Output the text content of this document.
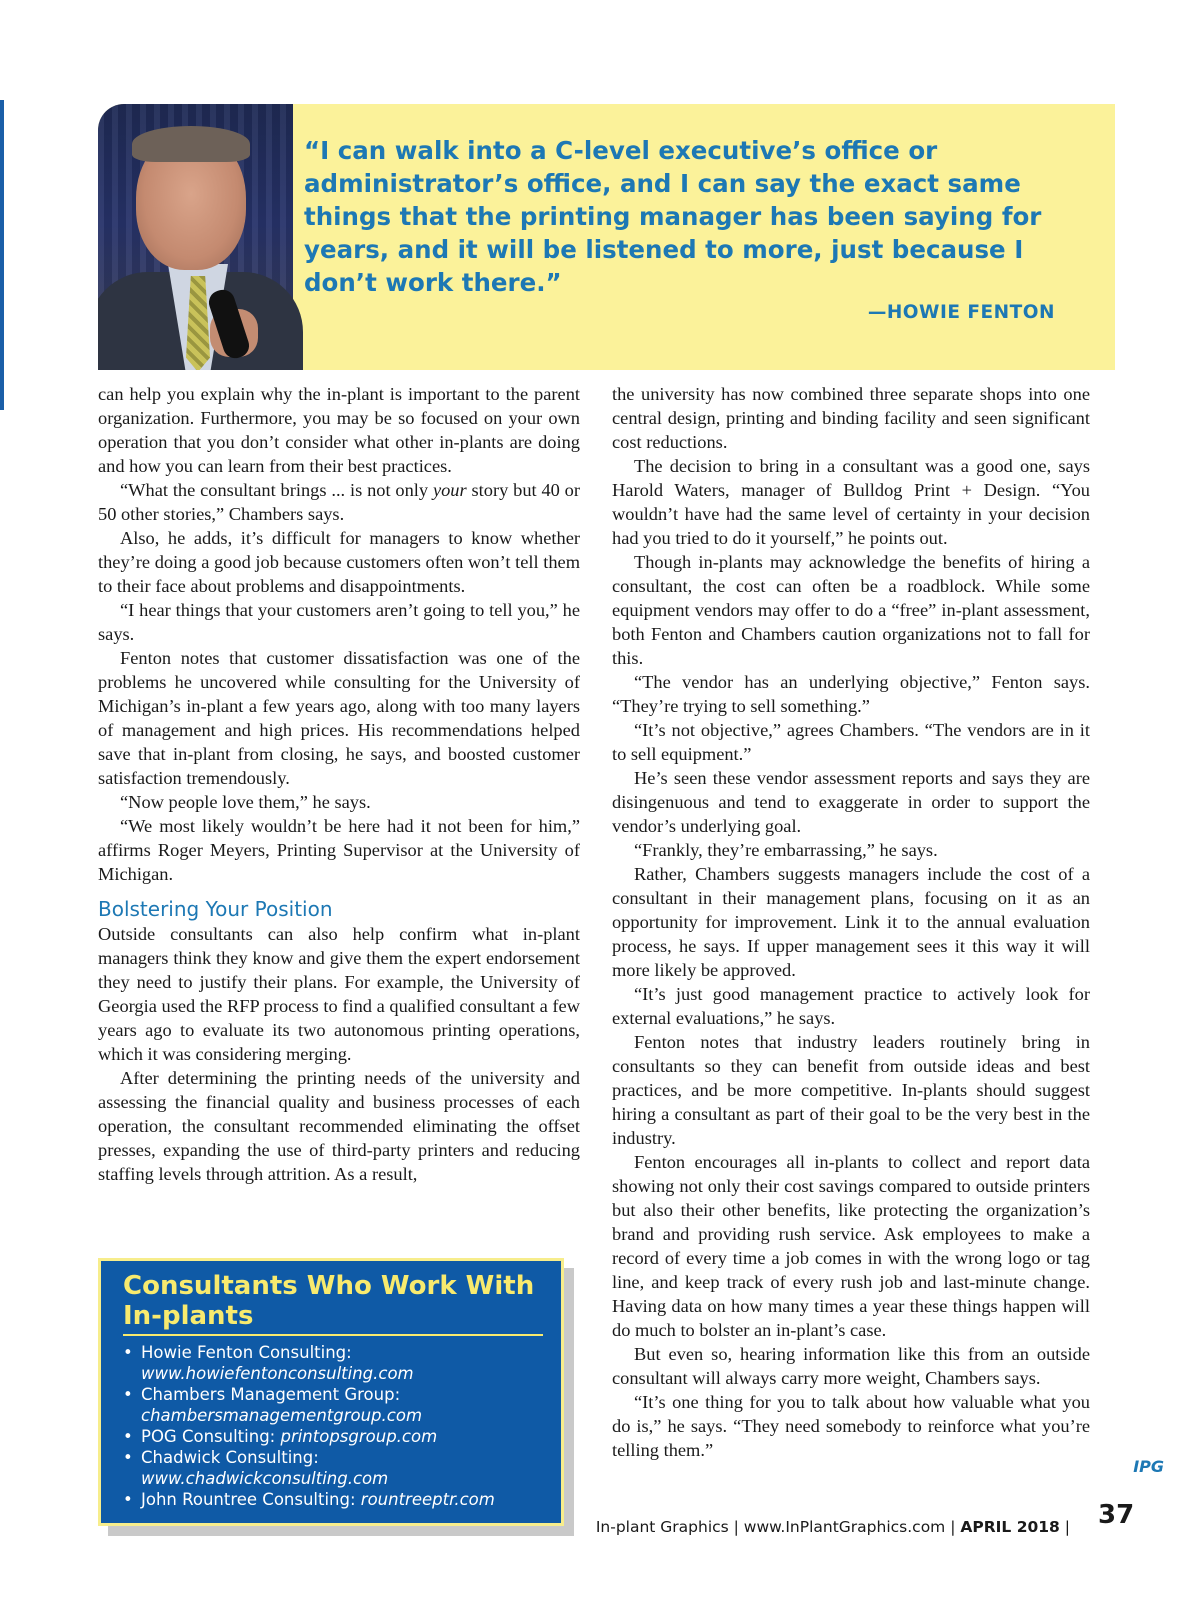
“I can walk into a C-level executive’s office or administrator’s office, and I can say the exact same things that the printing manager has been saying for years, and it will be listened to more, just because I don’t work there.”

—HOWIE FENTON

can help you explain why the in-plant is important to the parent organization. Furthermore, you may be so focused on your own operation that you don’t consider what other in-plants are doing and how you can learn from their best practices.

“What the consultant brings ... is not only your story but 40 or 50 other stories,” Chambers says.

Also, he adds, it’s difficult for managers to know whether they’re doing a good job because customers often won’t tell them to their face about problems and disappointments.

“I hear things that your customers aren’t going to tell you,” he says.

Fenton notes that customer dissatisfaction was one of the problems he uncovered while consulting for the University of Michigan’s in-plant a few years ago, along with too many layers of management and high prices. His recommendations helped save that in-plant from closing, he says, and boosted customer satisfaction tremendously.

“Now people love them,” he says.

“We most likely wouldn’t be here had it not been for him,” affirms Roger Meyers, Printing Supervisor at the University of Michigan.

Bolstering Your Position

Outside consultants can also help confirm what in-plant managers think they know and give them the expert endorsement they need to justify their plans. For example, the University of Georgia used the RFP process to find a qualified consultant a few years ago to evaluate its two autonomous printing operations, which it was considering merging.

After determining the printing needs of the university and assessing the financial quality and business processes of each operation, the consultant recommended eliminating the offset presses, expanding the use of third-party printers and reducing staffing levels through attrition. As a result,

the university has now combined three separate shops into one central design, printing and binding facility and seen significant cost reductions.

The decision to bring in a consultant was a good one, says Harold Waters, manager of Bulldog Print + Design. “You wouldn’t have had the same level of certainty in your decision had you tried to do it yourself,” he points out.

Though in-plants may acknowledge the benefits of hiring a consultant, the cost can often be a roadblock. While some equipment vendors may offer to do a “free” in-plant assessment, both Fenton and Chambers caution organizations not to fall for this.

“The vendor has an underlying objective,” Fenton says. “They’re trying to sell something.”

“It’s not objective,” agrees Chambers. “The vendors are in it to sell equipment.”

He’s seen these vendor assessment reports and says they are disingenuous and tend to exaggerate in order to support the vendor’s underlying goal.

“Frankly, they’re embarrassing,” he says.

Rather, Chambers suggests managers include the cost of a consultant in their management plans, focusing on it as an opportunity for improvement. Link it to the annual evaluation process, he says. If upper management sees it this way it will more likely be approved.

“It’s just good management practice to actively look for external evaluations,” he says.

Fenton notes that industry leaders routinely bring in consultants so they can benefit from outside ideas and best practices, and be more competitive. In-plants should suggest hiring a consultant as part of their goal to be the very best in the industry.

Fenton encourages all in-plants to collect and report data showing not only their cost savings compared to outside printers but also their other benefits, like protecting the organization’s brand and providing rush service. Ask employees to make a record of every time a job comes in with the wrong logo or tag line, and keep track of every rush job and last-minute change. Having data on how many times a year these things happen will do much to bolster an in-plant’s case.

But even so, hearing information like this from an outside consultant will always carry more weight, Chambers says.

“It’s one thing for you to talk about how valuable what you do is,” he says. “They need somebody to reinforce what you’re telling them.”

IPG
Consultants Who Work With In-plants
• Howie Fenton Consulting:
www.howiefentonconsulting.com
• Chambers Management Group:
chambersmanagementgroup.com
• POG Consulting: printopsgroup.com
• Chadwick Consulting:
www.chadwickconsulting.com
• John Rountree Consulting: rountreeptr.com
In-plant Graphics | www.InPlantGraphics.com | APRIL 2018 | 37
